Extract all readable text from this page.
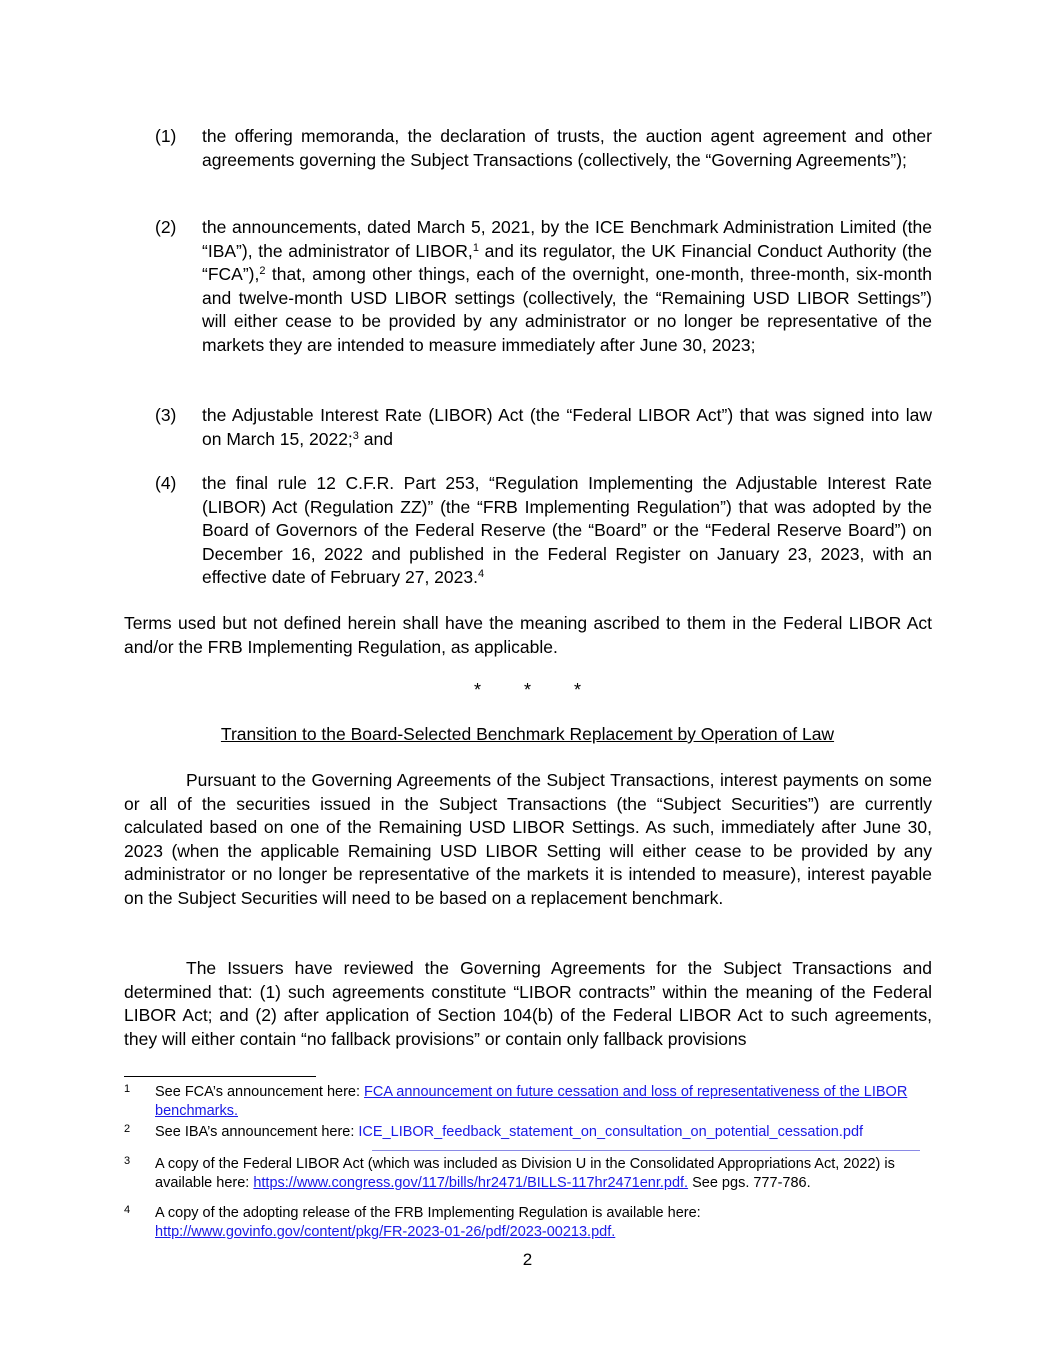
(1) the offering memoranda, the declaration of trusts, the auction agent agreement and other agreements governing the Subject Transactions (collectively, the “Governing Agreements”);
(2) the announcements, dated March 5, 2021, by the ICE Benchmark Administration Limited (the “IBA”), the administrator of LIBOR,$^1$ and its regulator, the UK Financial Conduct Authority (the “FCA”),$^2$ that, among other things, each of the overnight, one-month, three-month, six-month and twelve-month USD LIBOR settings (collectively, the “Remaining USD LIBOR Settings”) will either cease to be provided by any administrator or no longer be representative of the markets they are intended to measure immediately after June 30, 2023;
(3) the Adjustable Interest Rate (LIBOR) Act (the “Federal LIBOR Act”) that was signed into law on March 15, 2022;$^3$ and
(4) the final rule 12 C.F.R. Part 253, “Regulation Implementing the Adjustable Interest Rate (LIBOR) Act (Regulation ZZ)” (the “FRB Implementing Regulation”) that was adopted by the Board of Governors of the Federal Reserve (the “Board” or the “Federal Reserve Board”) on December 16, 2022 and published in the Federal Register on January 23, 2023, with an effective date of February 27, 2023.$^4$
Terms used but not defined herein shall have the meaning ascribed to them in the Federal LIBOR Act and/or the FRB Implementing Regulation, as applicable.
* * *
Transition to the Board-Selected Benchmark Replacement by Operation of Law
Pursuant to the Governing Agreements of the Subject Transactions, interest payments on some or all of the securities issued in the Subject Transactions (the “Subject Securities”) are currently calculated based on one of the Remaining USD LIBOR Settings. As such, immediately after June 30, 2023 (when the applicable Remaining USD LIBOR Setting will either cease to be provided by any administrator or no longer be representative of the markets it is intended to measure), interest payable on the Subject Securities will need to be based on a replacement benchmark.
The Issuers have reviewed the Governing Agreements for the Subject Transactions and determined that: (1) such agreements constitute “LIBOR contracts” within the meaning of the Federal LIBOR Act; and (2) after application of Section 104(b) of the Federal LIBOR Act to such agreements, they will either contain “no fallback provisions” or contain only fallback provisions
1 See FCA’s announcement here: FCA announcement on future cessation and loss of representativeness of the LIBOR benchmarks.
2 See IBA’s announcement here: ICE_LIBOR_feedback_statement_on_consultation_on_potential_cessation.pdf
3 A copy of the Federal LIBOR Act (which was included as Division U in the Consolidated Appropriations Act, 2022) is available here: https://www.congress.gov/117/bills/hr2471/BILLS-117hr2471enr.pdf. See pgs. 777-786.
4 A copy of the adopting release of the FRB Implementing Regulation is available here: http://www.govinfo.gov/content/pkg/FR-2023-01-26/pdf/2023-00213.pdf.
2
